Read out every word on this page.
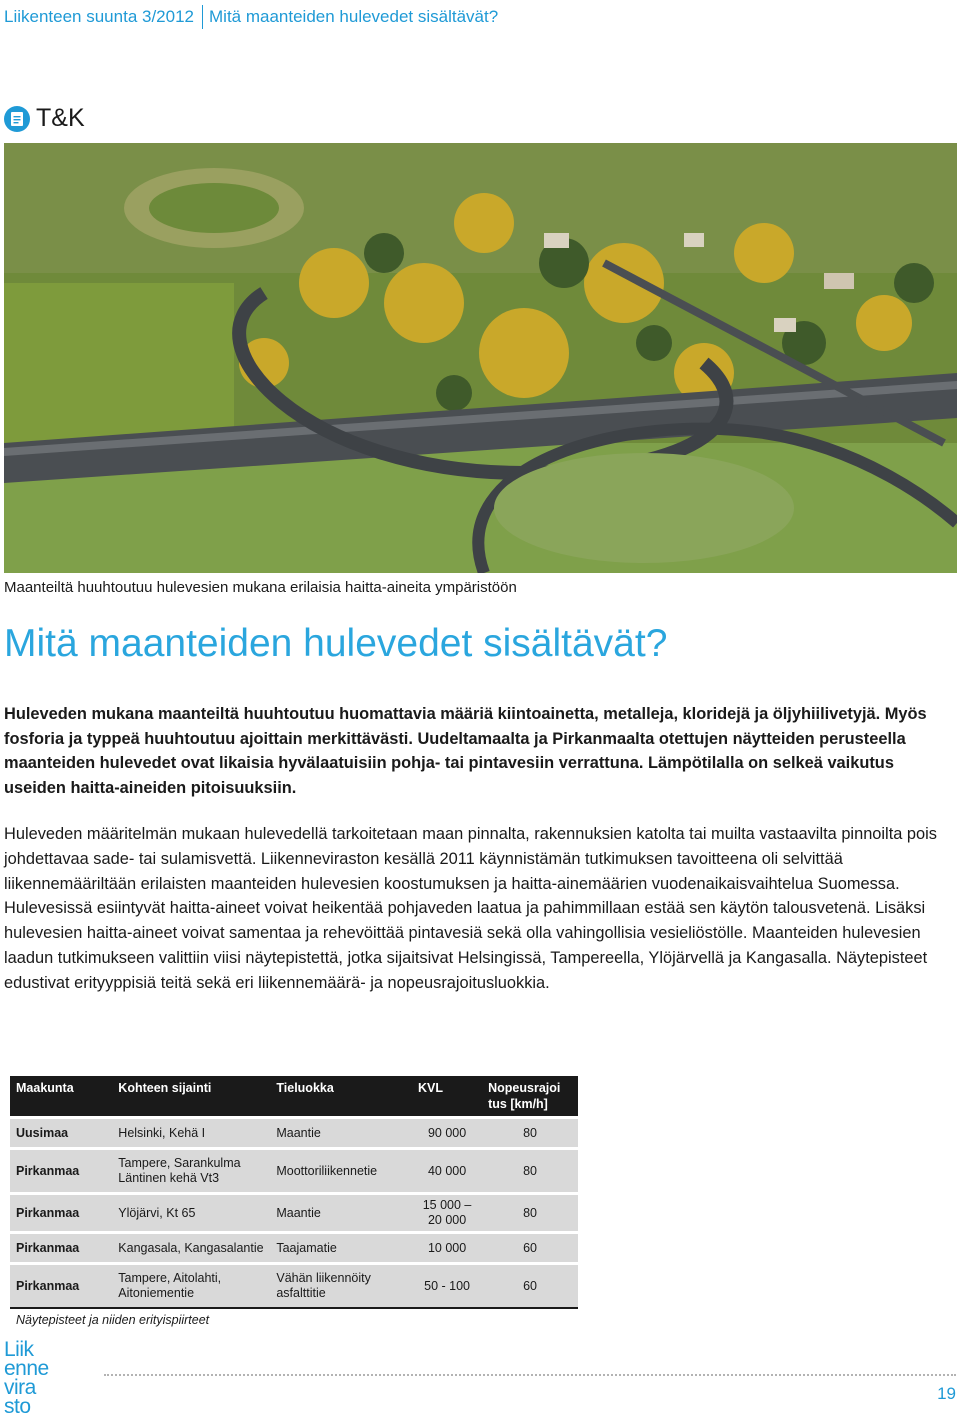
Liikenteen suunta 3/2012 Mitä maanteiden hulevedet sisältävät?
T&K
Maanteiltä huuhtoutuu hulevesien mukana erilaisia haitta-aineita ympäristöön
Mitä maanteiden hulevedet sisältävät?

Huleveden mukana maanteiltä huuhtoutuu huomattavia määriä kiintoainetta, metalleja, kloridejä ja öljyhiilivetyjä. Myös fosforia ja typpeä huuhtoutuu ajoittain merkittävästi. Uudeltamaalta ja Pirkanmaalta otettujen näytteiden perusteella maanteiden hulevedet ovat likaisia hyvälaatuisiin pohja- tai pintavesiin verrattuna. Lämpötilalla on selkeä vaikutus useiden haitta-aineiden pitoisuuksiin.

Huleveden määritelmän mukaan hulevedellä tarkoitetaan maan pinnalta, rakennuksien katolta tai muilta vastaavilta pinnoilta pois johdettavaa sade- tai sulamisvettä. Liikenneviraston kesällä 2011 käynnistämän tutkimuksen tavoitteena oli selvittää liikennemääriltään erilaisten maanteiden hulevesien koostumuksen ja haitta-ainemäärien vuodenaikaisvaihtelua Suomessa. Hulevesissä esiintyvät haitta-aineet voivat heikentää pohjaveden laatua ja pahimmillaan estää sen käytön talousvetenä. Lisäksi hulevesien haitta-aineet voivat samentaa ja rehevöittää pintavesiä sekä olla vahingollisia vesieliöstölle. Maanteiden hulevesien laadun tutkimukseen valittiin viisi näytepistettä, jotka sijaitsivat Helsingissä, Tampereella, Ylöjärvellä ja Kangasalla. Näytepisteet edustivat erityyppisiä teitä sekä eri liikennemäärä- ja nopeusrajoitusluokkia.

Maakunta	Kohteen sijainti	Tieluokka	KVL	Nopeusrajoi tus [km/h]
Uusimaa	Helsinki, Kehä I	Maantie	90 000	80
Pirkanmaa	Tampere, Sarankulma Läntinen kehä Vt3	Moottoriliikennetie	40 000	80
Pirkanmaa	Ylöjärvi, Kt 65	Maantie	15 000 – 20 000	80
Pirkanmaa	Kangasala, Kangasalantie	Taajamatie	10 000	60
Pirkanmaa	Tampere, Aitolahti, Aitoniementie	Vähän liikennöity asfalttitie	50 - 100	60
Näytepisteet ja niiden erityispiirteet				
Liik
enne
vira
sto
19
